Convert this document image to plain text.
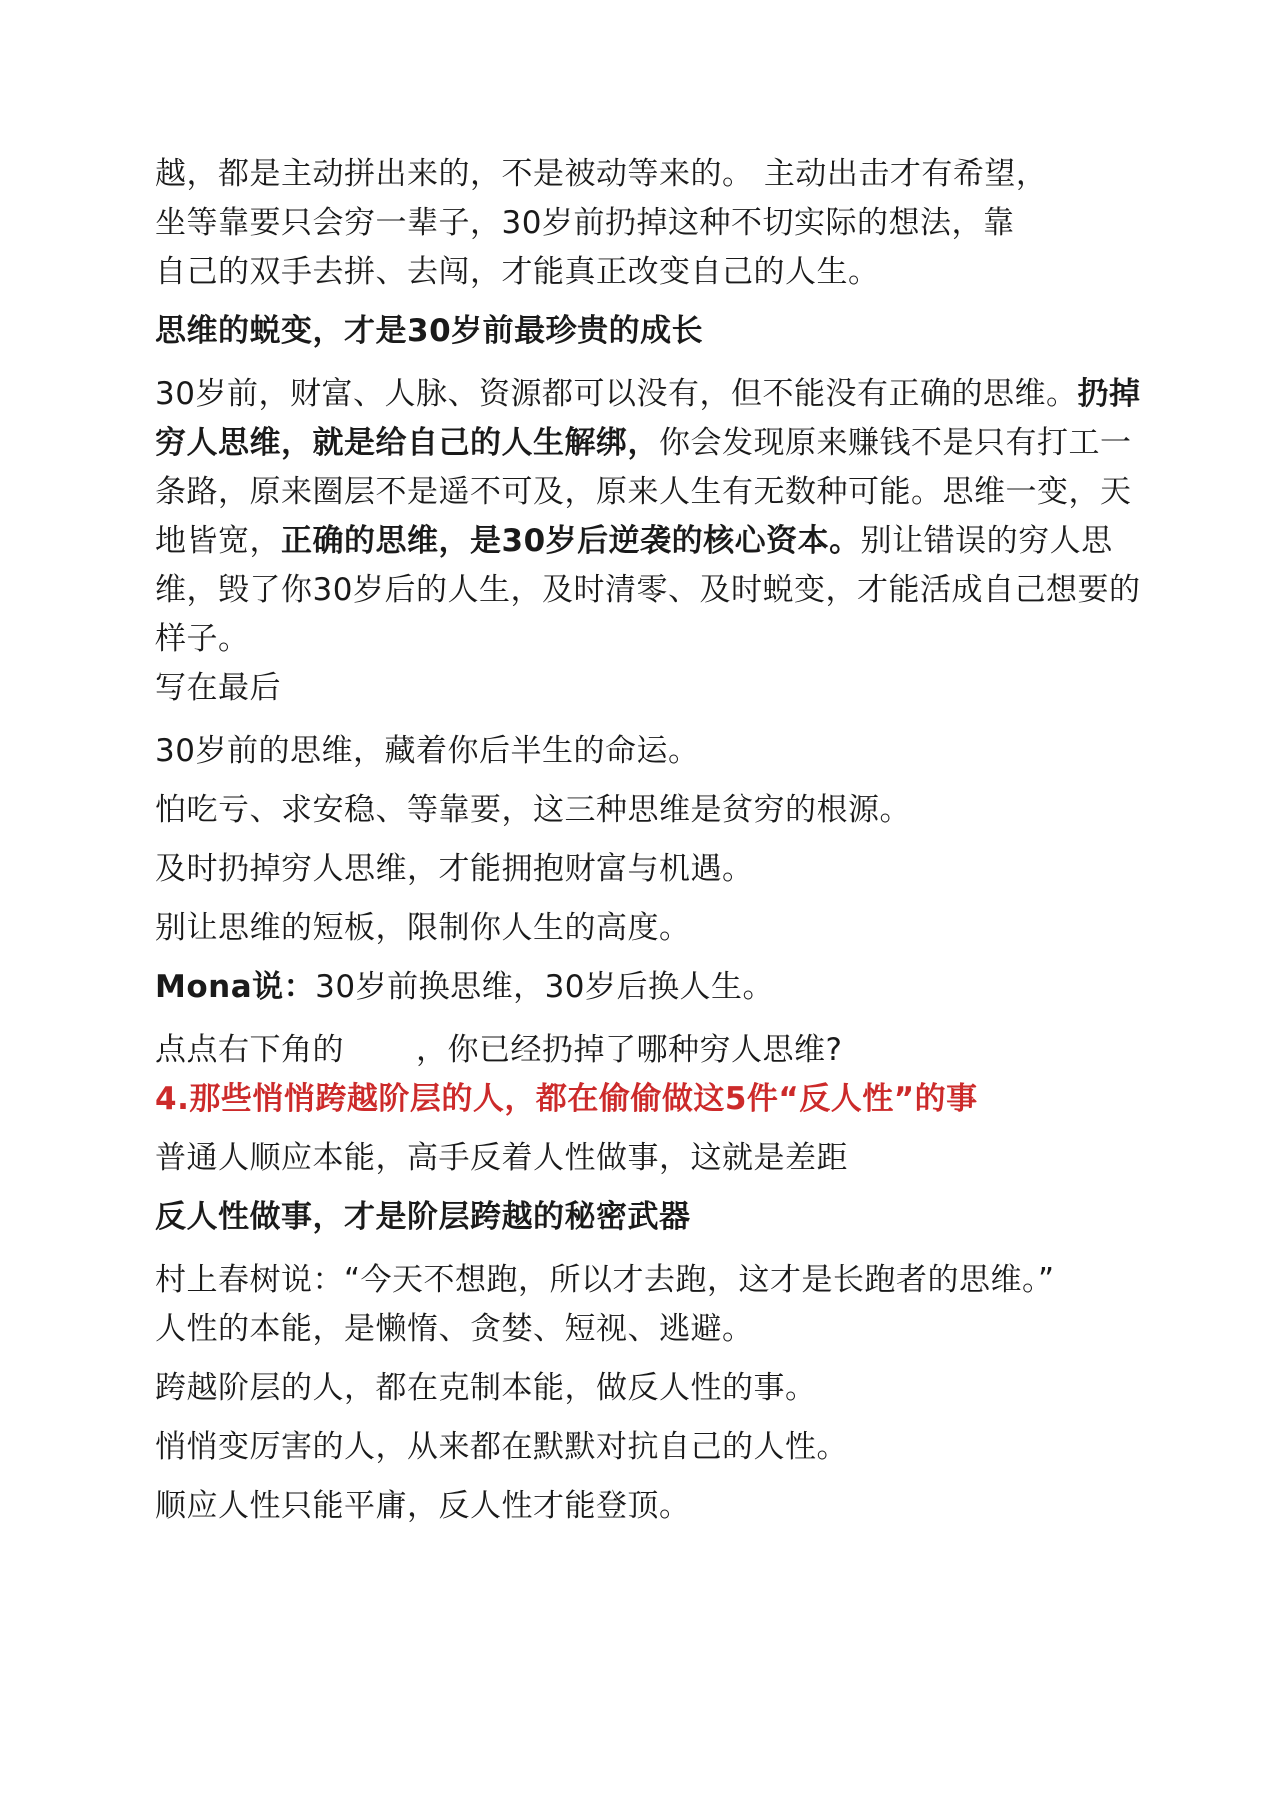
越，都是主动拼出来的，不是被动等来的。 主动出击才有希望，

坐等靠要只会穷一辈子，30岁前扔掉这种不切实际的想法，靠

自己的双手去拼、去闯，才能真正改变自己的人生。

思维的蜕变，才是30岁前最珍贵的成长

30岁前，财富、人脉、资源都可以没有，但不能没有正确的思维。扔掉穷人思维，就是给自己的人生解绑，你会发现原来赚钱不是只有打工一条路，原来圈层不是遥不可及，原来人生有无数种可能。思维一变，天地皆宽，正确的思维，是30岁后逆袭的核心资本。别让错误的穷人思维，毁了你30岁后的人生，及时清零、及时蜕变，才能活成自己想要的样子。

写在最后

30岁前的思维，藏着你后半生的命运。

怕吃亏、求安稳、等靠要，这三种思维是贫穷的根源。

及时扔掉穷人思维，才能拥抱财富与机遇。

别让思维的短板，限制你人生的高度。

Mona说：30岁前换思维，30岁后换人生。

点点右下角的 ，你已经扔掉了哪种穷人思维?

4.那些悄悄跨越阶层的人，都在偷偷做这5件“反人性”的事

普通人顺应本能，高手反着人性做事，这就是差距

反人性做事，才是阶层跨越的秘密武器

村上春树说：“今天不想跑，所以才去跑，这才是长跑者的思维。”

人性的本能，是懒惰、贪婪、短视、逃避。

跨越阶层的人，都在克制本能，做反人性的事。

悄悄变厉害的人，从来都在默默对抗自己的人性。

顺应人性只能平庸，反人性才能登顶。
